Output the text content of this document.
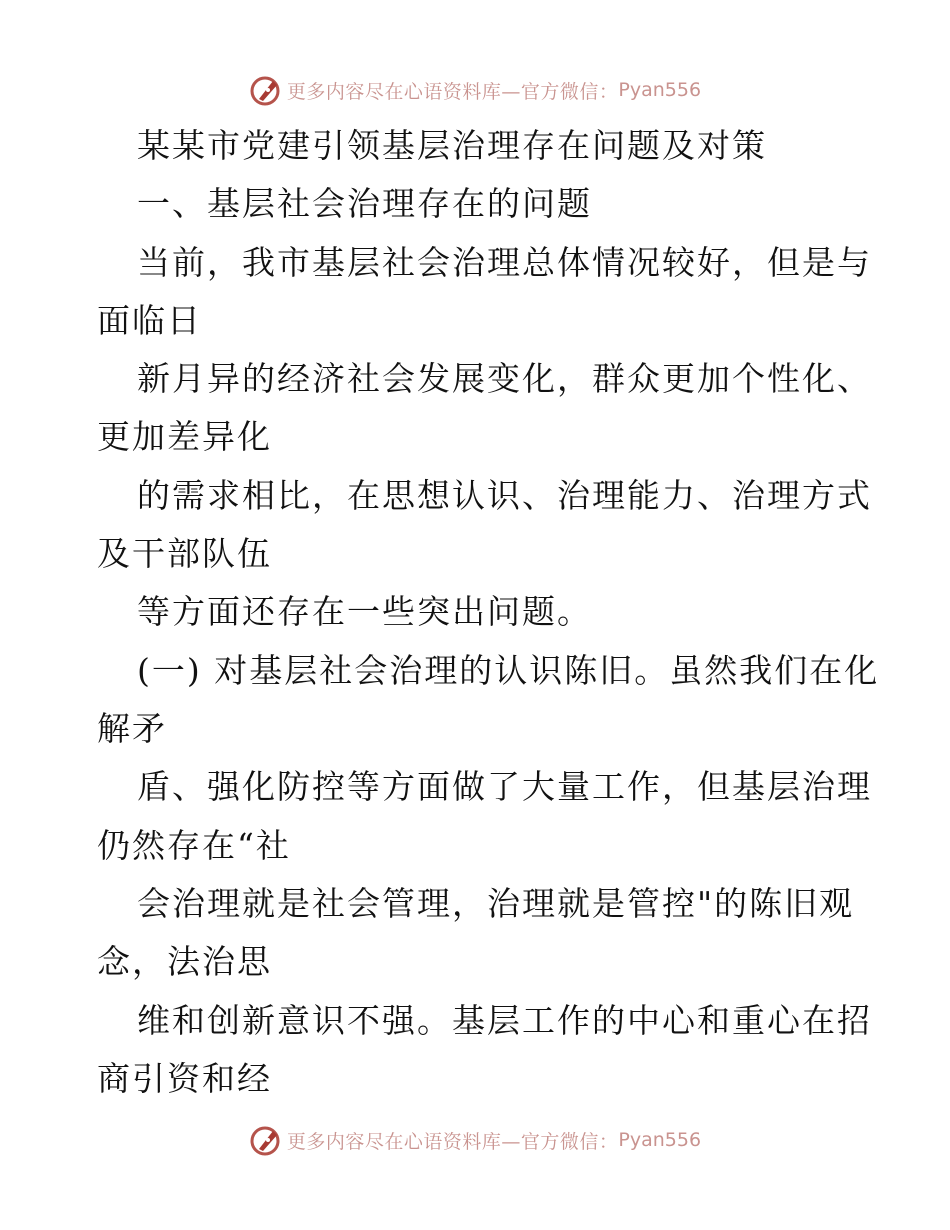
更多内容尽在心语资料库—官方微信： Pyan556
某某市党建引领基层治理存在问题及对策
一、基层社会治理存在的问题
当前，我市基层社会治理总体情况较好，但是与
面临日
新月异的经济社会发展变化，群众更加个性化、
更加差异化
的需求相比，在思想认识、治理能力、治理方式
及干部队伍
等方面还存在一些突出问题。
(一) 对基层社会治理的认识陈旧。虽然我们在化
解矛
盾、强化防控等方面做了大量工作，但基层治理
仍然存在“社
会治理就是社会管理，治理就是管控"的陈旧观
念，法治思
维和创新意识不强。基层工作的中心和重心在招
商引资和经
更多内容尽在心语资料库—官方微信： Pyan556
